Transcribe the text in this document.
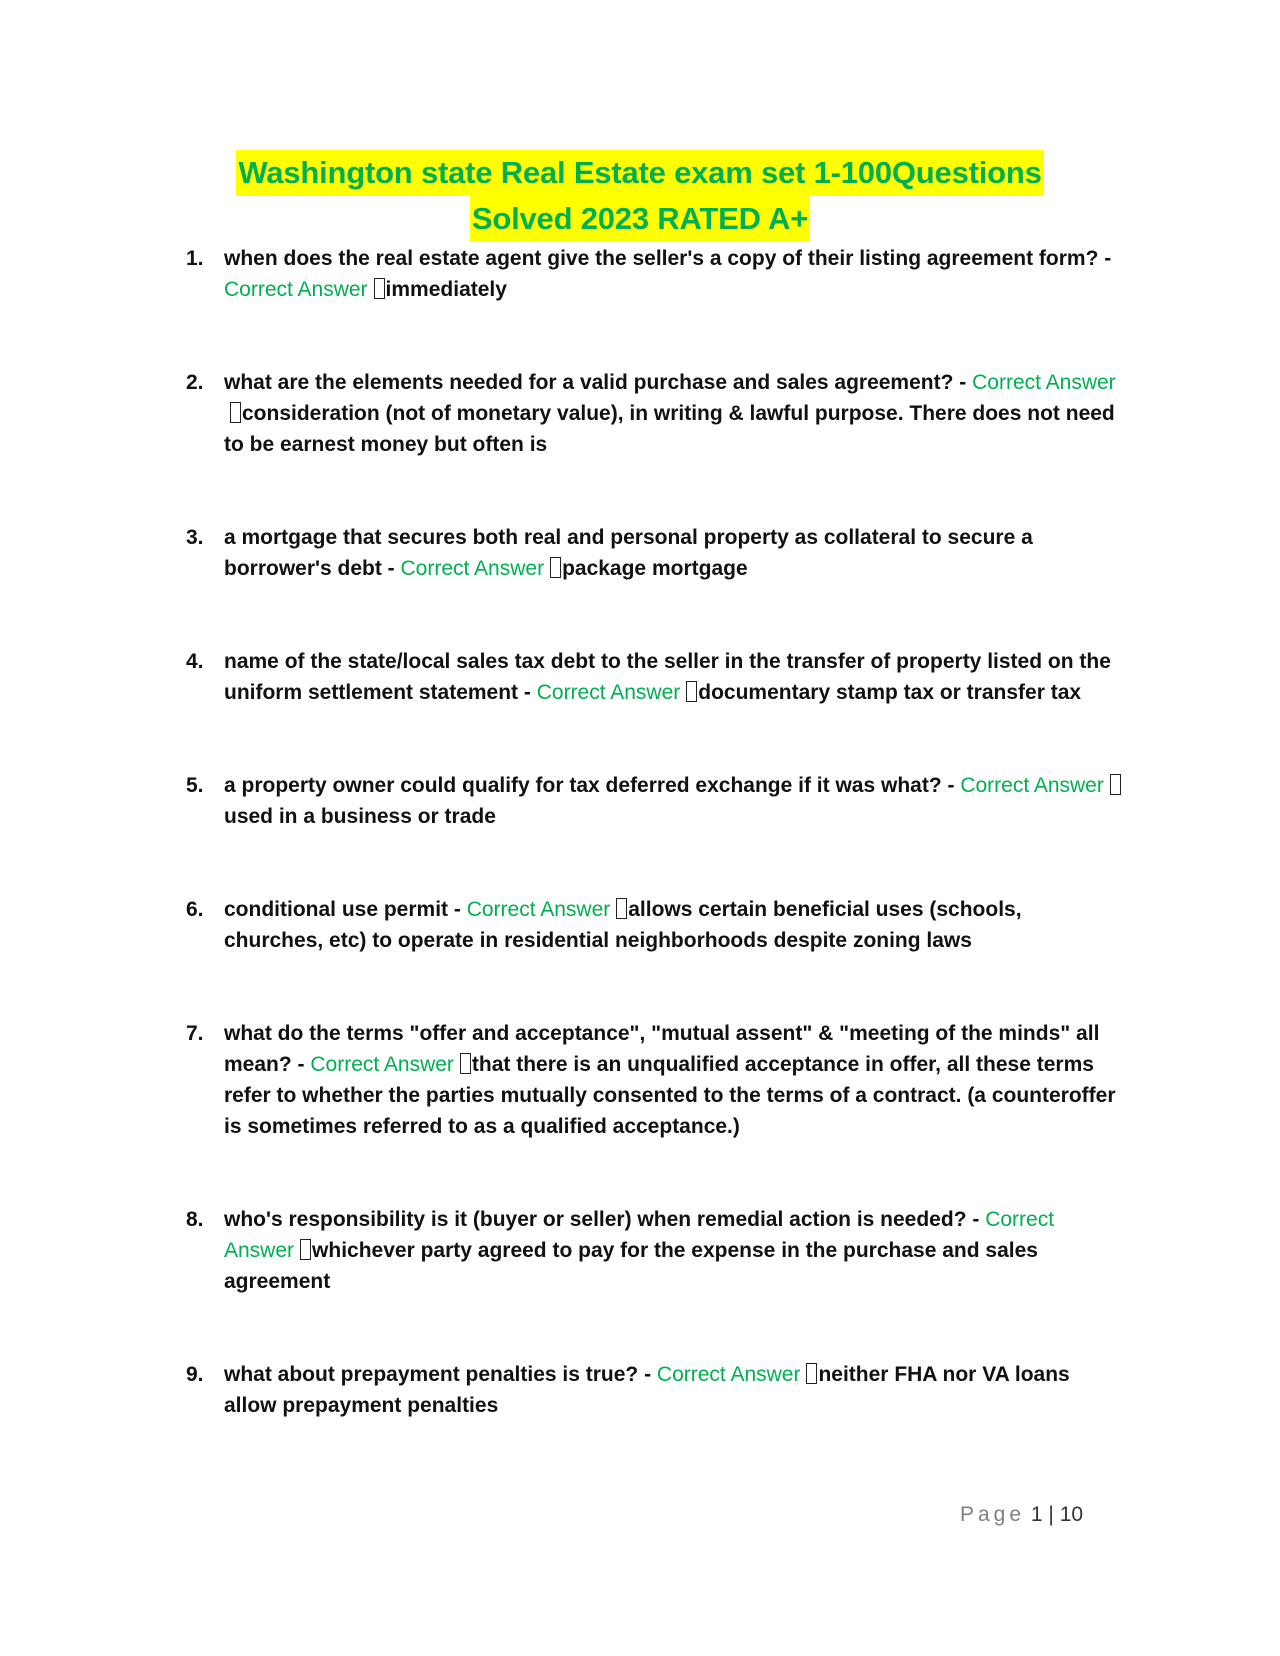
Washington state Real Estate exam set 1-100Questions
Solved 2023 RATED A+
1. when does the real estate agent give the seller's a copy of their listing agreement form? - Correct Answer immediately
2. what are the elements needed for a valid purchase and sales agreement? - Correct Answerconsideration (not of monetary value), in writing & lawful purpose. There does not need to be earnest money but often is
3. a mortgage that secures both real and personal property as collateral to secure a borrower's debt - Correct Answer package mortgage
4. name of the state/local sales tax debt to the seller in the transfer of property listed on the uniform settlement statement - Correct Answer documentary stamp tax or transfer tax
5. a property owner could qualify for tax deferred exchange if it was what? - Correct Answerused in a business or trade
6. conditional use permit - Correct Answer allows certain beneficial uses (schools, churches, etc) to operate in residential neighborhoods despite zoning laws
7. what do the terms "offer and acceptance", "mutual assent" & "meeting of the minds" all mean? - Correct Answer that there is an unqualified acceptance in offer, all these terms refer to whether the parties mutually consented to the terms of a contract. (a counteroffer is sometimes referred to as a qualified acceptance.)
8. who's responsibility is it (buyer or seller) when remedial action is needed? - Correct Answer whichever party agreed to pay for the expense in the purchase and sales agreement
9. what about prepayment penalties is true? - Correct Answer neither FHA nor VA loans allow prepayment penalties
Page 1 | 10
